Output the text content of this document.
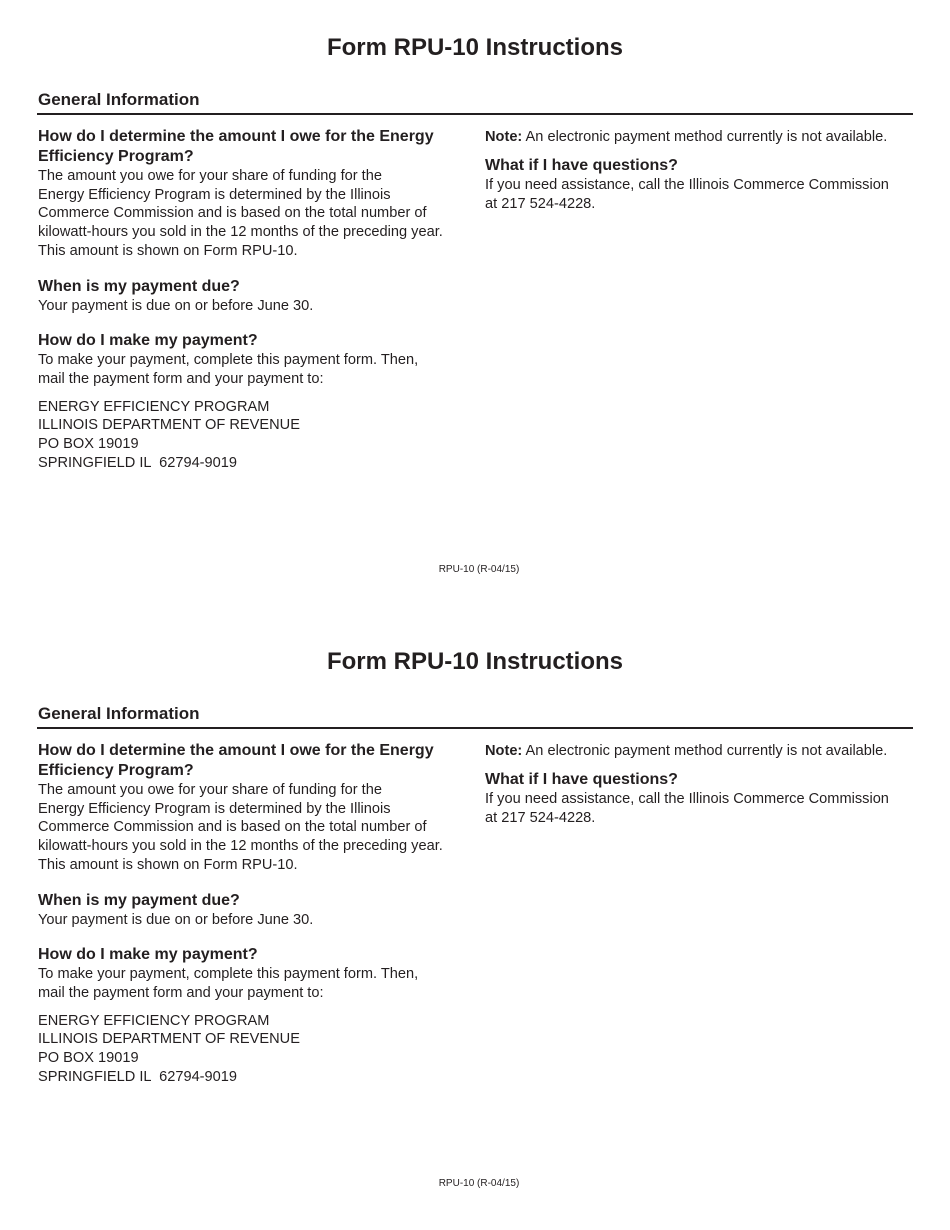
Form RPU-10 Instructions
General Information

How do I determine the amount I owe for the Energy Efficiency Program?

The amount you owe for your share of funding for the
Energy Efficiency Program is determined by the Illinois
Commerce Commission and is based on the total number of
kilowatt-hours you sold in the 12 months of the preceding year.
This amount is shown on Form RPU-10.

When is my payment due?

Your payment is due on or before June 30.

How do I make my payment?

To make your payment, complete this payment form. Then,
mail the payment form and your payment to:

ENERGY EFFICIENCY PROGRAM
ILLINOIS DEPARTMENT OF REVENUE
PO BOX 19019
SPRINGFIELD IL  62794-9019

Note: An electronic payment method currently is not available.

What if I have questions?

If you need assistance, call the Illinois Commerce Commission
at 217 524-4228.

RPU-10 (R-04/15)

Form RPU-10 Instructions
General Information

How do I determine the amount I owe for the Energy Efficiency Program?

The amount you owe for your share of funding for the
Energy Efficiency Program is determined by the Illinois
Commerce Commission and is based on the total number of
kilowatt-hours you sold in the 12 months of the preceding year.
This amount is shown on Form RPU-10.

When is my payment due?

Your payment is due on or before June 30.

How do I make my payment?

To make your payment, complete this payment form. Then,
mail the payment form and your payment to:

ENERGY EFFICIENCY PROGRAM
ILLINOIS DEPARTMENT OF REVENUE
PO BOX 19019
SPRINGFIELD IL  62794-9019

Note: An electronic payment method currently is not available.

What if I have questions?

If you need assistance, call the Illinois Commerce Commission
at 217 524-4228.

RPU-10 (R-04/15)
